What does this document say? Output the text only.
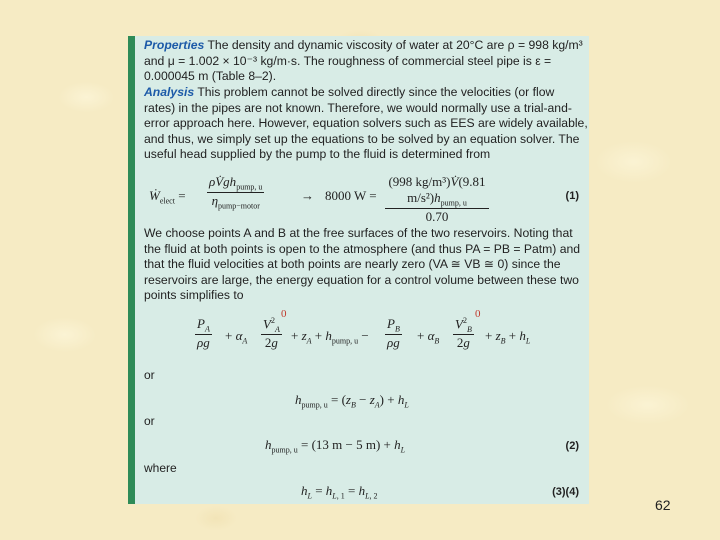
Properties The density and dynamic viscosity of water at 20°C are ρ = 998 kg/m³ and μ = 1.002 × 10⁻³ kg/m·s. The roughness of commercial steel pipe is ε = 0.000045 m (Table 8–2).
Analysis This problem cannot be solved directly since the velocities (or flow rates) in the pipes are not known. Therefore, we would normally use a trial-and-error approach here. However, equation solvers such as EES are widely available, and thus, we simply set up the equations to be solved by an equation solver. The useful head supplied by the pump to the fluid is determined from
Ẇ$_{elect}$ =
$\rho V̇gh_{pump, u}$
$\eta_{pump-motor}$
→ 8000 W =
(998 kg/m³)V̇(9.81 $m/s^2)h_{pump, u}$
0.70
(1)
We choose points A and B at the free surfaces of the two reservoirs. Noting that the fluid at both points is open to the atmosphere (and thus PA = PB = Patm) and that the fluid velocities at both points are nearly zero (VA ≅ VB ≅ 0) since the reservoirs are large, the energy equation for a control volume between these two points simplifies to
$\frac{P_A}{\rho g} + \alpha_A \frac{V^2_A}{2g}$
0
+ $z_A + h_{pump, u} - \frac{P_B}{\rho g} + \alpha_B \frac{V^2_B}{2g}$
0
+ $z_B + h_L$
or
$h_{pump, u} = (z_B - z_A) + h_L$
or
$h_{pump, u} = (13$ m − 5 $m) + h_L$	(2)
where
$h_L = h_{L, 1} = h_{L, 2}$	(3)(4)
62
